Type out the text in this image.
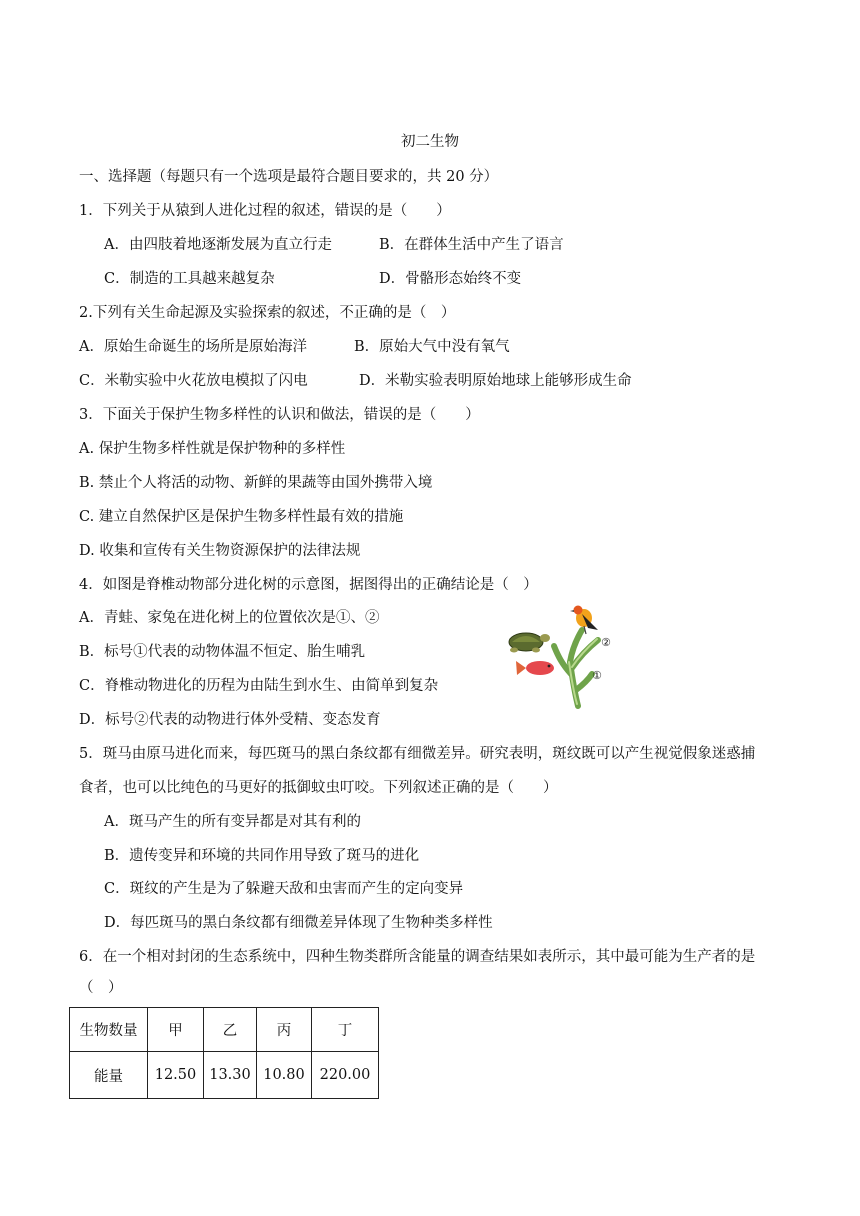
初二生物
一、选择题（每题只有一个选项是最符合题目要求的，共 20 分）
1．下列关于从猿到人进化过程的叙述，错误的是（　　）
A．由四肢着地逐渐发展为直立行走	B．在群体生活中产生了语言
C．制造的工具越来越复杂	D．骨骼形态始终不变
2.下列有关生命起源及实验探索的叙述，不正确的是（　）
A．原始生命诞生的场所是原始海洋	B．原始大气中没有氧气
C．米勒实验中火花放电模拟了闪电	D．米勒实验表明原始地球上能够形成生命
3．下面关于保护生物多样性的认识和做法，错误的是（　　）
A. 保护生物多样性就是保护物种的多样性
B. 禁止个人将活的动物、新鲜的果蔬等由国外携带入境
C. 建立自然保护区是保护生物多样性最有效的措施
D. 收集和宣传有关生物资源保护的法律法规
4．如图是脊椎动物部分进化树的示意图，据图得出的正确结论是（　）
A．青蛙、家兔在进化树上的位置依次是①、②
B．标号①代表的动物体温不恒定、胎生哺乳
C．脊椎动物进化的历程为由陆生到水生、由简单到复杂
D．标号②代表的动物进行体外受精、变态发育
②
①
5．斑马由原马进化而来，每匹斑马的黑白条纹都有细微差异。研究表明，斑纹既可以产生视觉假象迷惑捕
食者，也可以比纯色的马更好的抵御蚊虫叮咬。下列叙述正确的是（　　）
A．斑马产生的所有变异都是对其有利的
B．遗传变异和环境的共同作用导致了斑马的进化
C．斑纹的产生是为了躲避天敌和虫害而产生的定向变异
D．每匹斑马的黑白条纹都有细微差异体现了生物种类多样性
6．在一个相对封闭的生态系统中，四种生物类群所含能量的调查结果如表所示，其中最可能为生产者的是
（　）
生物数量	甲	乙	丙	丁
能量	12.50	13.30	10.80	220.00
